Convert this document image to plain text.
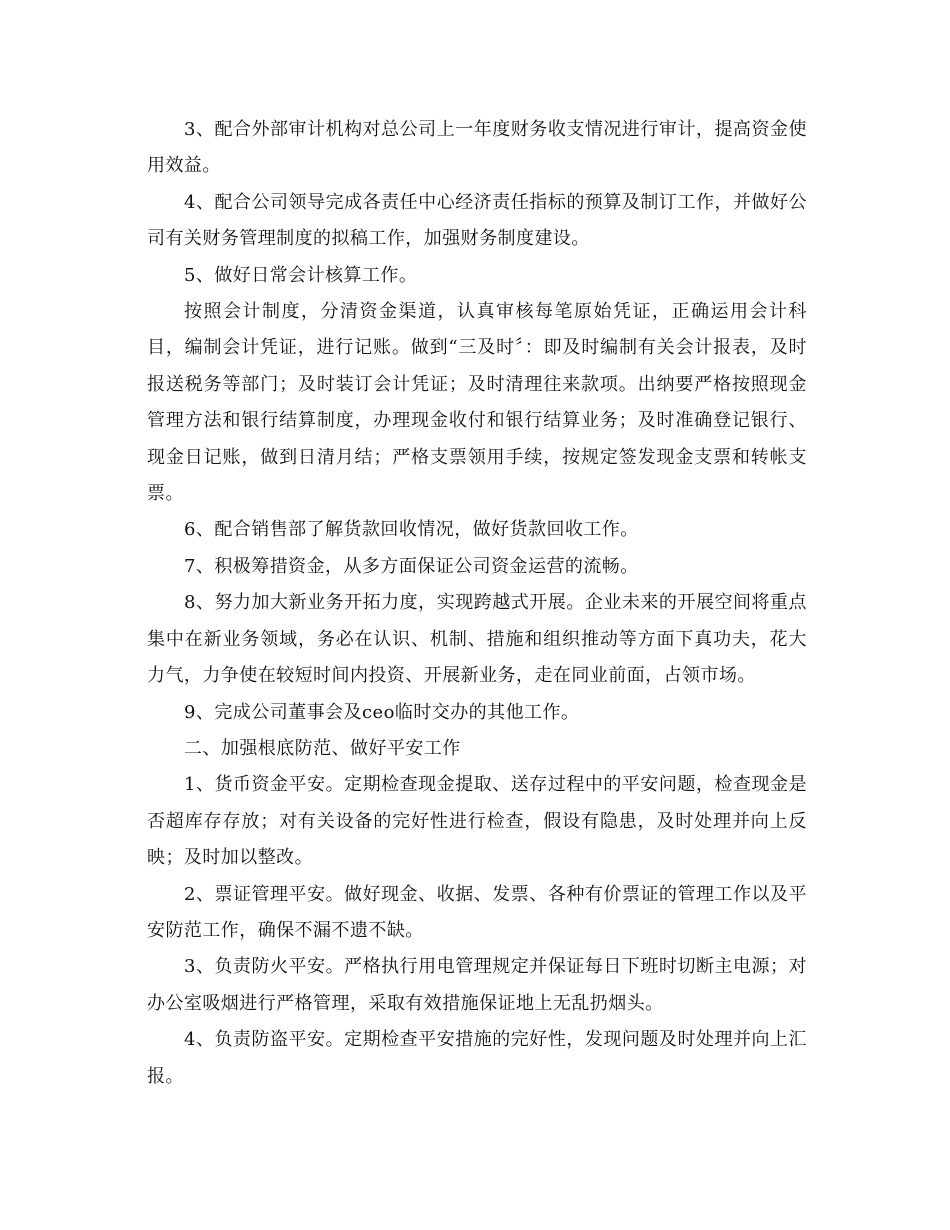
3、配合外部审计机构对总公司上一年度财务收支情况进行审计，提高资金使用效益。

4、配合公司领导完成各责任中心经济责任指标的预算及制订工作，并做好公司有关财务管理制度的拟稿工作，加强财务制度建设。

5、做好日常会计核算工作。

按照会计制度，分清资金渠道，认真审核每笔原始凭证，正确运用会计科目，编制会计凭证，进行记账。做到“三及时〞：即及时编制有关会计报表，及时报送税务等部门；及时装订会计凭证；及时清理往来款项。出纳要严格按照现金管理方法和银行结算制度，办理现金收付和银行结算业务；及时准确登记银行、现金日记账，做到日清月结；严格支票领用手续，按规定签发现金支票和转帐支票。

6、配合销售部了解货款回收情况，做好货款回收工作。

7、积极筹措资金，从多方面保证公司资金运营的流畅。

8、努力加大新业务开拓力度，实现跨越式开展。企业未来的开展空间将重点集中在新业务领域，务必在认识、机制、措施和组织推动等方面下真功夫，花大力气，力争使在较短时间内投资、开展新业务，走在同业前面，占领市场。

9、完成公司董事会及ceo临时交办的其他工作。

二、加强根底防范、做好平安工作

1、货币资金平安。定期检查现金提取、送存过程中的平安问题，检查现金是否超库存存放；对有关设备的完好性进行检查，假设有隐患，及时处理并向上反映；及时加以整改。

2、票证管理平安。做好现金、收据、发票、各种有价票证的管理工作以及平安防范工作，确保不漏不遗不缺。

3、负责防火平安。严格执行用电管理规定并保证每日下班时切断主电源；对办公室吸烟进行严格管理，采取有效措施保证地上无乱扔烟头。

4、负责防盗平安。定期检查平安措施的完好性，发现问题及时处理并向上汇报。
